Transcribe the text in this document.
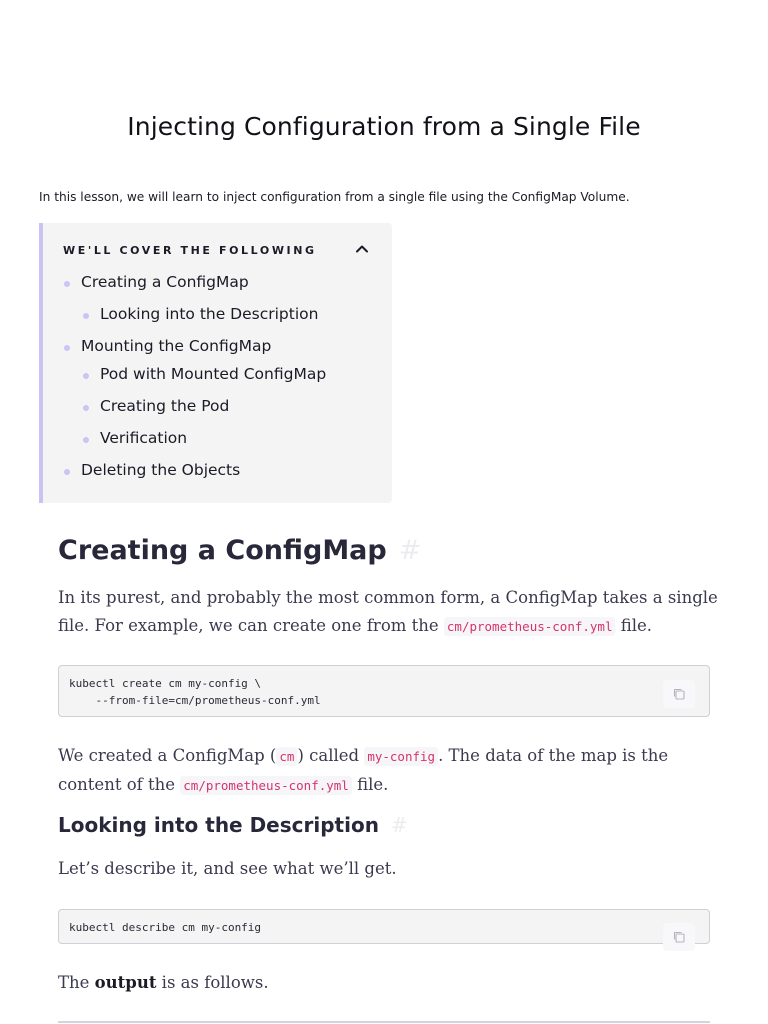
Injecting Configuration from a Single File

In this lesson, we will learn to inject configuration from a single file using the ConfigMap Volume.

WE'LL COVER THE FOLLOWING
Creating a ConfigMap
Looking into the Description
Mounting the ConfigMap
Pod with Mounted ConfigMap
Creating the Pod
Verification
Deleting the Objects
Creating a ConfigMap #

In its purest, and probably the most common form, a ConfigMap takes a single file. For example, we can create one from the cm/prometheus-conf.yml file.

kubectl create cm my-config \
--from-file=cm/prometheus-conf.yml

We created a ConfigMap ( cm ) called my-config . The data of the map is the content of the cm/prometheus-conf.yml file.

Looking into the Description #

Let’s describe it, and see what we’ll get.

kubectl describe cm my-config

The output is as follows.
